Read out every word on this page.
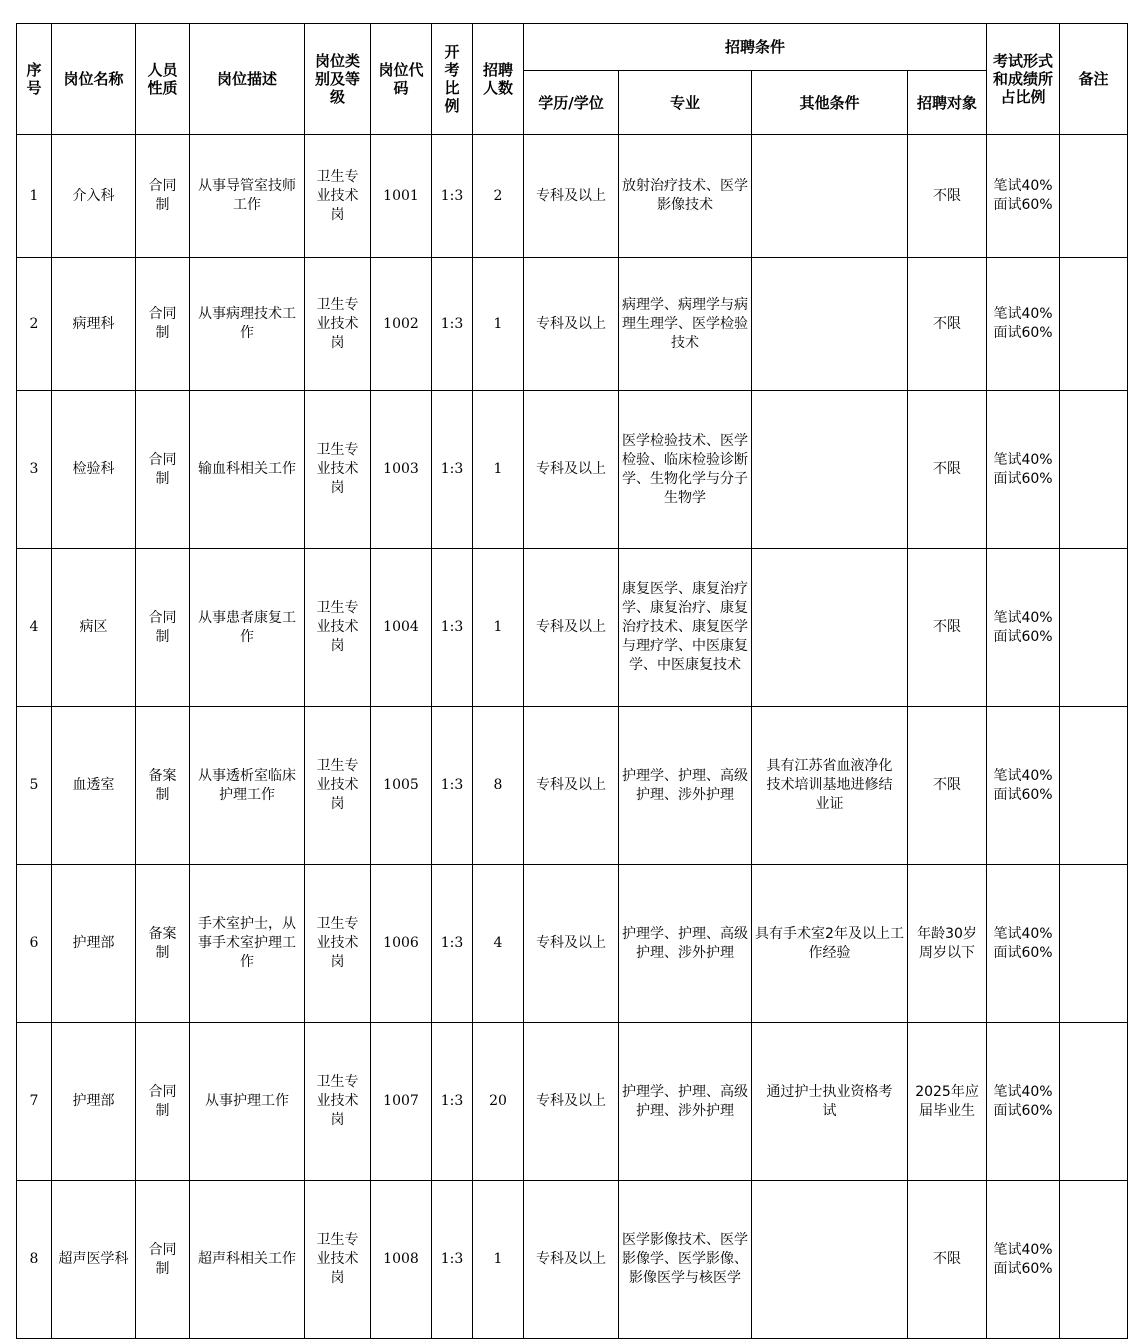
序号	岗位名称	人员性质	岗位描述	岗位类别及等级	岗位代码	开考比例	招聘人数	招聘条件				考试形式和成绩所占比例	备注
								学历/学位	专业	其他条件	招聘对象		
1	介入科	合同制	从事导管室技师工作	卫生专业技术岗	1001	1:3	2	专科及以上	放射治疗技术、医学影像技术		不限	笔试40%面试60%	
2	病理科	合同制	从事病理技术工作	卫生专业技术岗	1002	1:3	1	专科及以上	病理学、病理学与病理生理学、医学检验技术		不限	笔试40%面试60%	
3	检验科	合同制	输血科相关工作	卫生专业技术岗	1003	1:3	1	专科及以上	医学检验技术、医学检验、临床检验诊断学、生物化学与分子生物学		不限	笔试40%面试60%	
4	病区	合同制	从事患者康复工作	卫生专业技术岗	1004	1:3	1	专科及以上	康复医学、康复治疗学、康复治疗、康复治疗技术、康复医学与理疗学、中医康复学、中医康复技术		不限	笔试40%面试60%	
5	血透室	备案制	从事透析室临床护理工作	卫生专业技术岗	1005	1:3	8	专科及以上	护理学、护理、高级护理、涉外护理	具有江苏省血液净化技术培训基地进修结业证	不限	笔试40%面试60%	
6	护理部	备案制	手术室护士，从事手术室护理工作	卫生专业技术岗	1006	1:3	4	专科及以上	护理学、护理、高级护理、涉外护理	具有手术室2年及以上工作经验	年龄30岁周岁以下	笔试40%面试60%	
7	护理部	合同制	从事护理工作	卫生专业技术岗	1007	1:3	20	专科及以上	护理学、护理、高级护理、涉外护理	通过护士执业资格考试	2025年应届毕业生	笔试40%面试60%	
8	超声医学科	合同制	超声科相关工作	卫生专业技术岗	1008	1:3	1	专科及以上	医学影像技术、医学影像学、医学影像、影像医学与核医学		不限	笔试40%面试60%	
